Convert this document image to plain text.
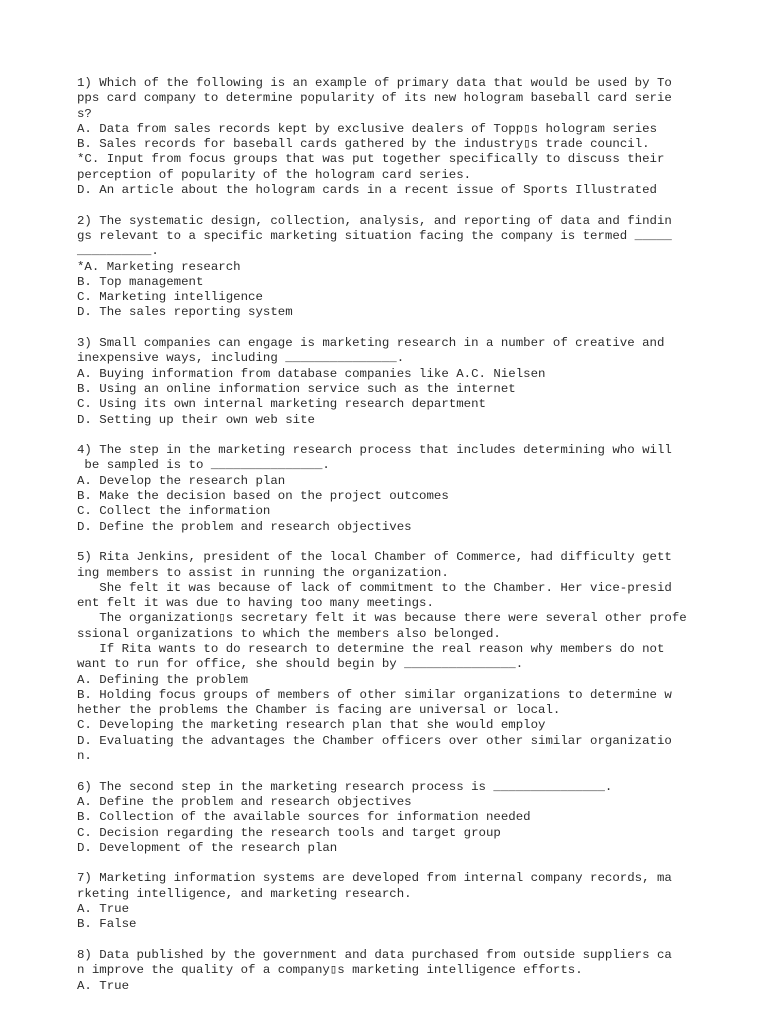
1) Which of the following is an example of primary data that would be used by To
pps card company to determine popularity of its new hologram baseball card serie
s?
A. Data from sales records kept by exclusive dealers of Topp▯s hologram series
B. Sales records for baseball cards gathered by the industry▯s trade council.
*C. Input from focus groups that was put together specifically to discuss their
perception of popularity of the hologram card series.
D. An article about the hologram cards in a recent issue of Sports Illustrated
2) The systematic design, collection, analysis, and reporting of data and findin
gs relevant to a specific marketing situation facing the company is termed _____
__________.
*A. Marketing research
B. Top management
C. Marketing intelligence
D. The sales reporting system
3) Small companies can engage is marketing research in a number of creative and
inexpensive ways, including _______________.
A. Buying information from database companies like A.C. Nielsen
B. Using an online information service such as the internet
C. Using its own internal marketing research department
D. Setting up their own web site
4) The step in the marketing research process that includes determining who will
be sampled is to _______________.
A. Develop the research plan
B. Make the decision based on the project outcomes
C. Collect the information
D. Define the problem and research objectives
5) Rita Jenkins, president of the local Chamber of Commerce, had difficulty gett
ing members to assist in running the organization.
She felt it was because of lack of commitment to the Chamber. Her vice-presid
ent felt it was due to having too many meetings.
The organization▯s secretary felt it was because there were several other profe
ssional organizations to which the members also belonged.
If Rita wants to do research to determine the real reason why members do not
want to run for office, she should begin by _______________.
A. Defining the problem
B. Holding focus groups of members of other similar organizations to determine w
hether the problems the Chamber is facing are universal or local.
C. Developing the marketing research plan that she would employ
D. Evaluating the advantages the Chamber officers over other similar organizatio
n.
6) The second step in the marketing research process is _______________.
A. Define the problem and research objectives
B. Collection of the available sources for information needed
C. Decision regarding the research tools and target group
D. Development of the research plan
7) Marketing information systems are developed from internal company records, ma
rketing intelligence, and marketing research.
A. True
B. False
8) Data published by the government and data purchased from outside suppliers ca
n improve the quality of a company▯s marketing intelligence efforts.
A. True
